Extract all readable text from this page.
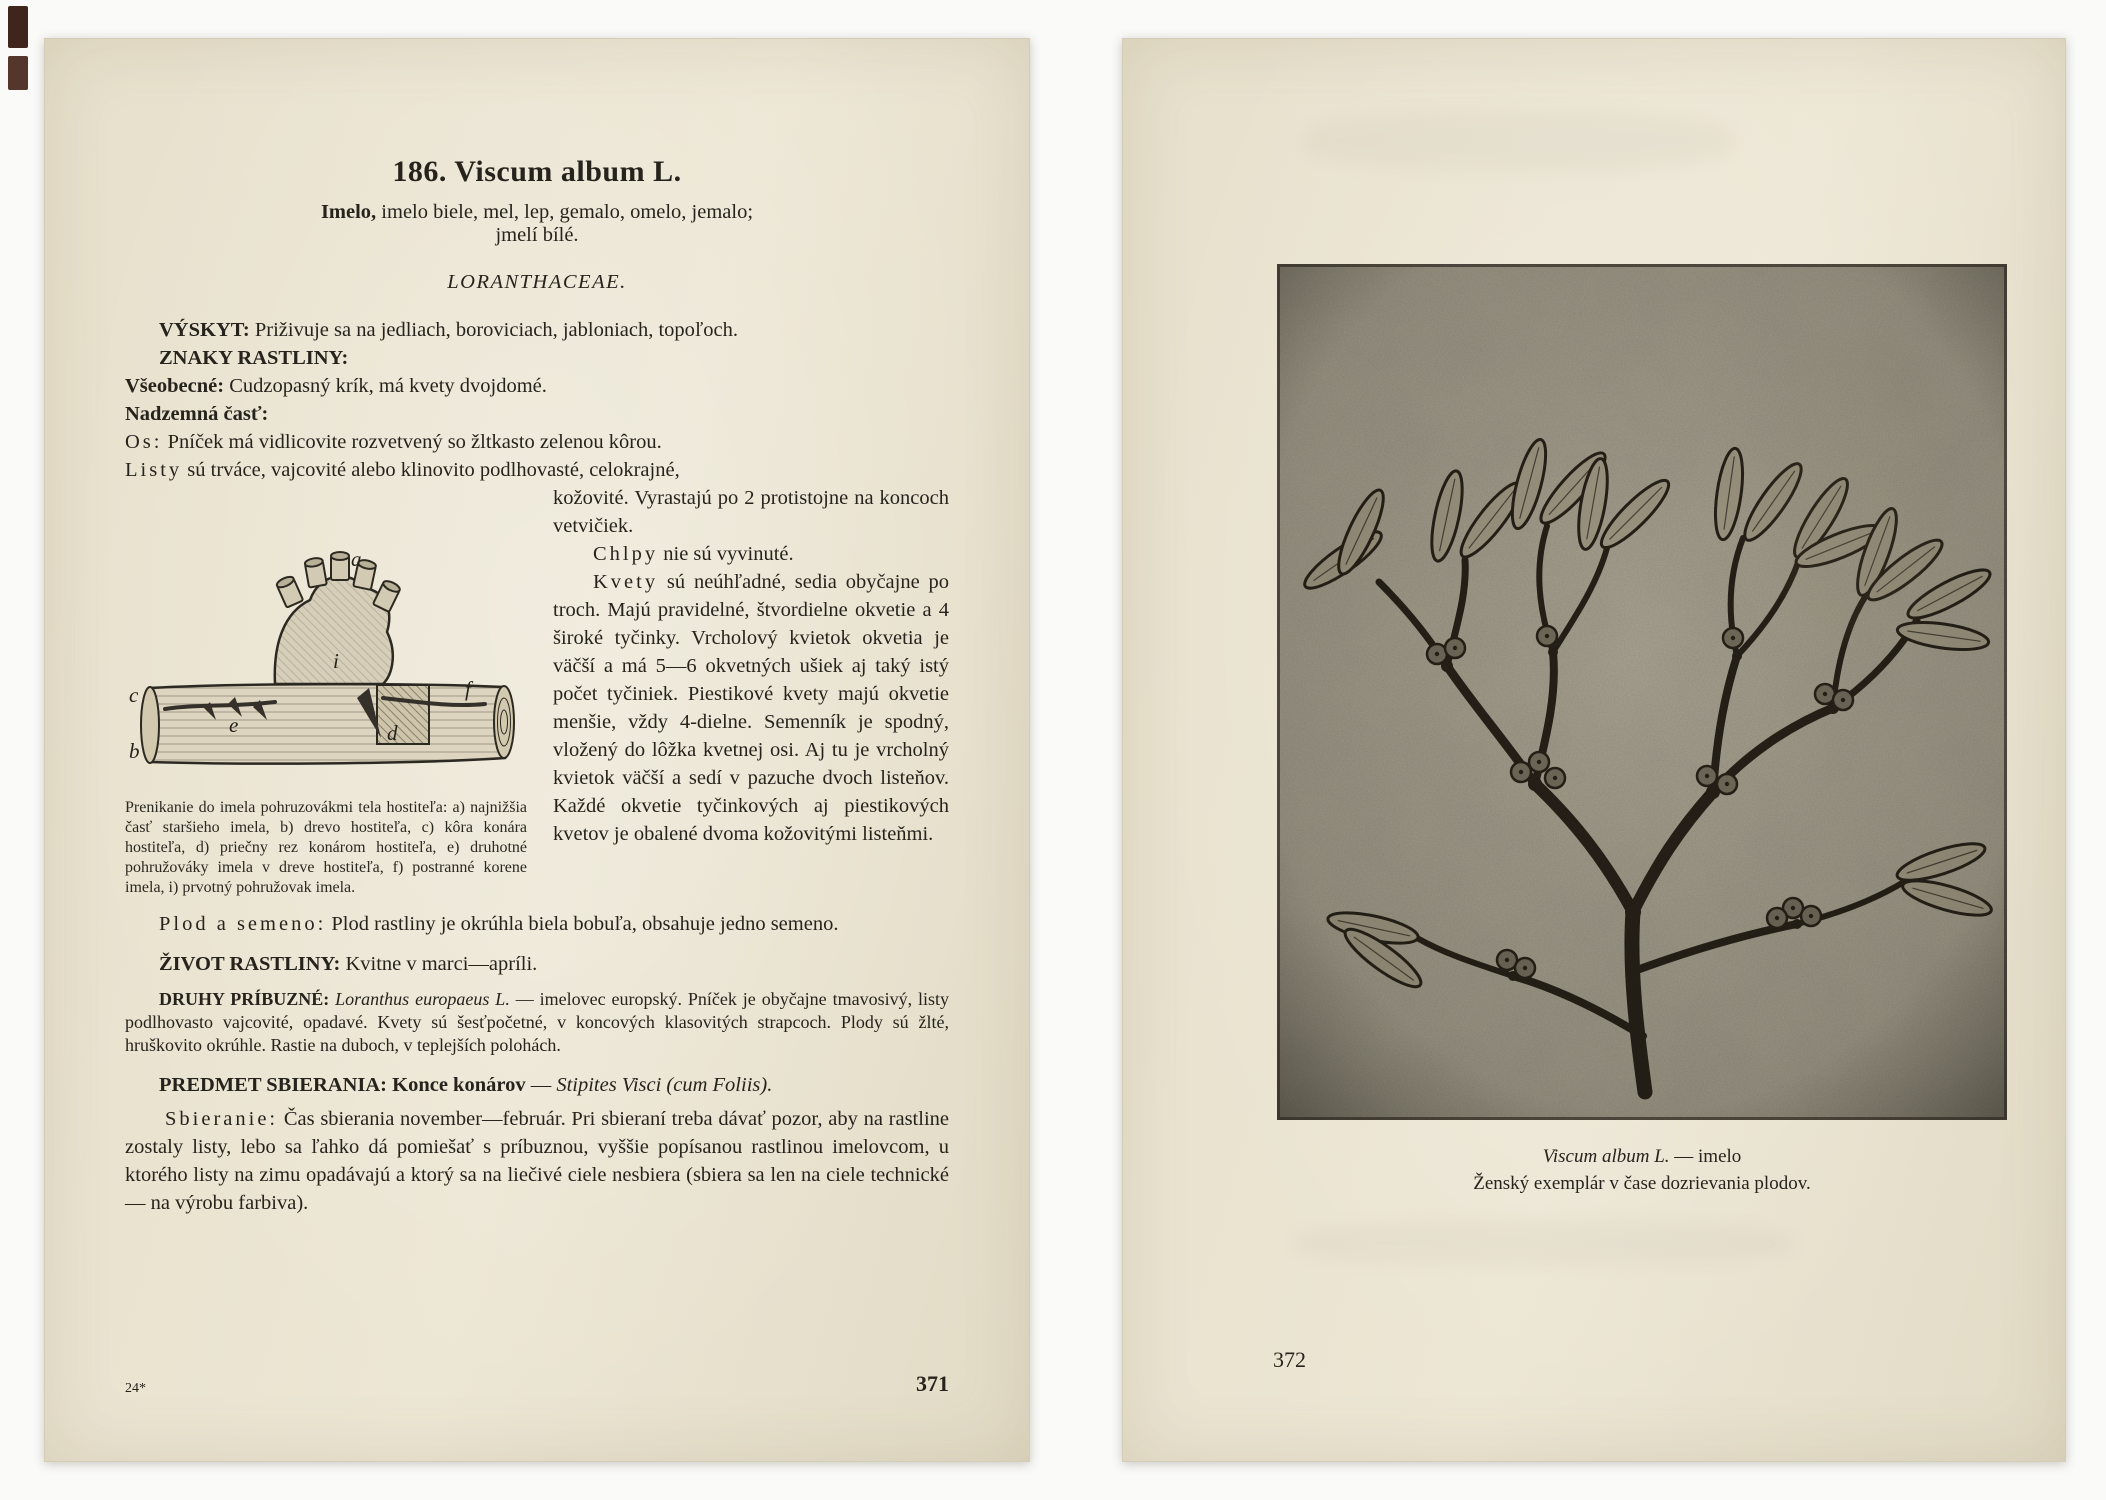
186. Viscum album L.

Imelo, imelo biele, mel, lep, gemalo, omelo, jemalo;

jmelí bílé.

LORANTHACEAE.

VÝSKYT: Priživuje sa na jedliach, boroviciach, jabloniach, topoľoch.

ZNAKY RASTLINY:

Všeobecné: Cudzopasný krík, má kvety dvojdomé.

Nadzemná časť:

Os: Pníček má vidlicovite rozvetvený so žltkasto zelenou kôrou.

Listy sú trváce, vajcovité alebo klinovito podlhovasté, celokrajné,

a
b
c
d
e
f
i
Prenikanie do imela pohruzovákmi tela hostiteľa: a) najnižšia časť staršieho imela, b) drevo hostiteľa, c) kôra konára hostiteľa, d) priečny rez konárom hostiteľa, e) druhotné pohružováky imela v dreve hostiteľa, f) postranné korene imela, i) prvotný pohružovak imela.

kožovité. Vyrastajú po 2 protistojne na koncoch vetvičiek.

Chlpy nie sú vyvinuté.

Kvety sú neúhľadné, sedia obyčajne po troch. Majú pravidelné, štvordielne okvetie a 4 široké tyčinky. Vrcholový kvietok okvetia je väčší a má 5—6 okvetných ušiek aj taký istý počet tyčiniek. Piestikové kvety majú okvetie menšie, vždy 4-dielne. Semenník je spodný, vložený do lôžka kvetnej osi. Aj tu je vrcholný kvietok väčší a sedí v pazuche dvoch listeňov. Každé okvetie tyčinkových aj piestikových kvetov je obalené dvoma kožovitými listeňmi.

Plod a semeno: Plod rastliny je okrúhla biela bobuľa, obsahuje jedno semeno.

ŽIVOT RASTLINY: Kvitne v marci—apríli.

DRUHY PRÍBUZNÉ: Loranthus europaeus L. — imelovec europský. Pníček je obyčajne tmavosivý, listy podlhovasto vajcovité, opadavé. Kvety sú šesťpočetné, v koncových klasovitých strapcoch. Plody sú žlté, hruškovito okrúhle. Rastie na duboch, v teplejších polohách.

PREDMET SBIERANIA: Konce konárov — Stipites Visci (cum Foliis).

Sbieranie: Čas sbierania november—február. Pri sbieraní treba dávať pozor, aby na rastline zostaly listy, lebo sa ľahko dá pomiešať s príbuznou, vyššie popísanou rastlinou imelovcom, u ktorého listy na zimu opadávajú a ktorý sa na liečivé ciele nesbiera (sbiera sa len na ciele technické — na výrobu farbiva).

24*	371

Viscum album L. — imelo

Ženský exemplár v čase dozrievania plodov.

372
